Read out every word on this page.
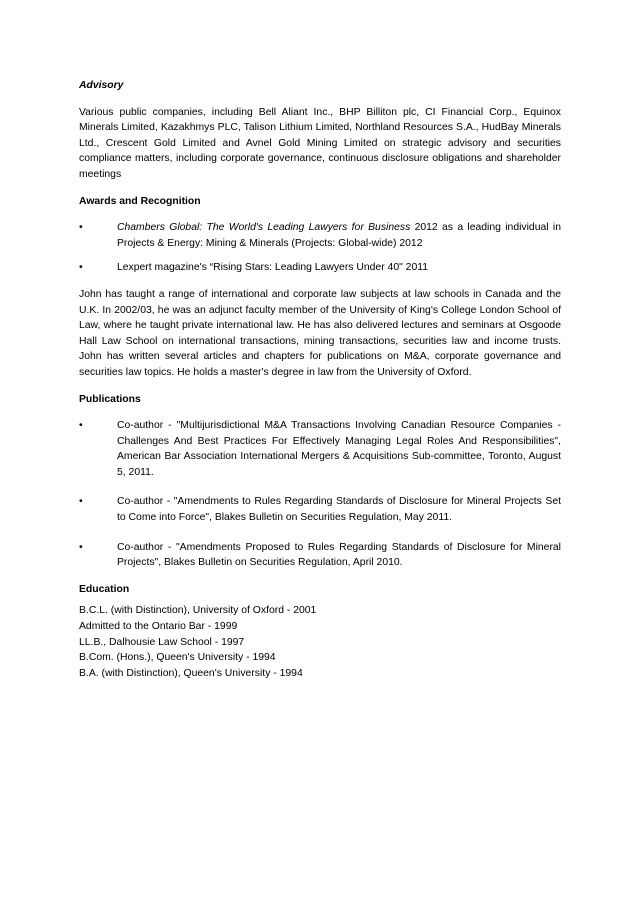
Advisory

Various public companies, including Bell Aliant Inc., BHP Billiton plc, CI Financial Corp., Equinox Minerals Limited, Kazakhmys PLC, Talison Lithium Limited, Northland Resources S.A., HudBay Minerals Ltd., Crescent Gold Limited and Avnel Gold Mining Limited on strategic advisory and securities compliance matters, including corporate governance, continuous disclosure obligations and shareholder meetings

Awards and Recognition
•	Chambers Global: The World's Leading Lawyers for Business 2012 as a leading individual in Projects & Energy: Mining & Minerals (Projects: Global-wide) 2012
•	Lexpert magazine's “Rising Stars: Leading Lawyers Under 40" 2011

John has taught a range of international and corporate law subjects at law schools in Canada and the U.K. In 2002/03, he was an adjunct faculty member of the University of King's College London School of Law, where he taught private international law. He has also delivered lectures and seminars at Osgoode Hall Law School on international transactions, mining transactions, securities law and income trusts. John has written several articles and chapters for publications on M&A, corporate governance and securities law topics. He holds a master's degree in law from the University of Oxford.

Publications
•	Co-author - "Multijurisdictional M&A Transactions Involving Canadian Resource Companies - Challenges And Best Practices For Effectively Managing Legal Roles And Responsibilities", American Bar Association International Mergers & Acquisitions Sub-committee, Toronto, August 5, 2011.
•	Co-author - "Amendments to Rules Regarding Standards of Disclosure for Mineral Projects Set to Come into Force", Blakes Bulletin on Securities Regulation, May 2011.
•	Co-author - "Amendments Proposed to Rules Regarding Standards of Disclosure for Mineral Projects", Blakes Bulletin on Securities Regulation, April 2010.
Education
B.C.L. (with Distinction), University of Oxford - 2001
Admitted to the Ontario Bar - 1999
LL.B., Dalhousie Law School - 1997
B.Com. (Hons.), Queen's University - 1994
B.A. (with Distinction), Queen's University - 1994
